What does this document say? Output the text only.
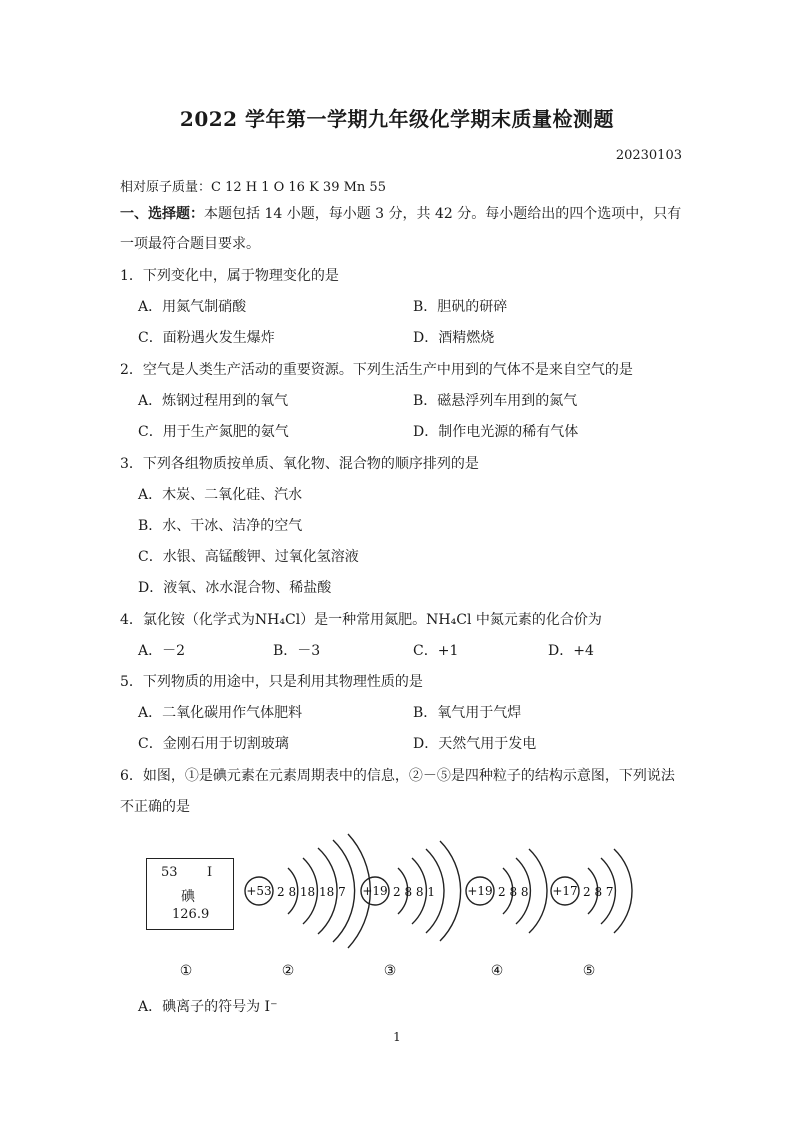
2022 学年第一学期九年级化学期末质量检测题
20230103
相对原子质量：C 12 H 1 O 16 K 39 Mn 55
一、选择题：本题包括 14 小题，每小题 3 分，共 42 分。每小题给出的四个选项中，只有
一项最符合题目要求。
1．下列变化中，属于物理变化的是
A．用氮气制硝酸	B．胆矾的研碎
C．面粉遇火发生爆炸	D．酒精燃烧
2．空气是人类生产活动的重要资源。下列生活生产中用到的气体不是来自空气的是
A．炼钢过程用到的氧气	B．磁悬浮列车用到的氮气
C．用于生产氮肥的氨气	D．制作电光源的稀有气体
3．下列各组物质按单质、氧化物、混合物的顺序排列的是
A．木炭、二氧化硅、汽水
B．水、干冰、洁净的空气
C．水银、高锰酸钾、过氧化氢溶液
D．液氧、冰水混合物、稀盐酸
4．氯化铵（化学式为NH₄Cl）是一种常用氮肥。NH₄Cl 中氮元素的化合价为
A．－2	B．－3	C．+1	D．+4
5．下列物质的用途中，只是利用其物理性质的是
A．二氧化碳用作气体肥料	B．氧气用于气焊
C．金刚石用于切割玻璃	D．天然气用于发电
6．如图，①是碘元素在元素周期表中的信息，②－⑤是四种粒子的结构示意图，下列说法
不正确的是
53 I
碘
126.9
+53 2 8 18 18 7 +19 2 8 8 1	+19 2 8 8 +17 2 8 7
①	②	③	④	⑤
A．碘离子的符号为 I⁻
1
